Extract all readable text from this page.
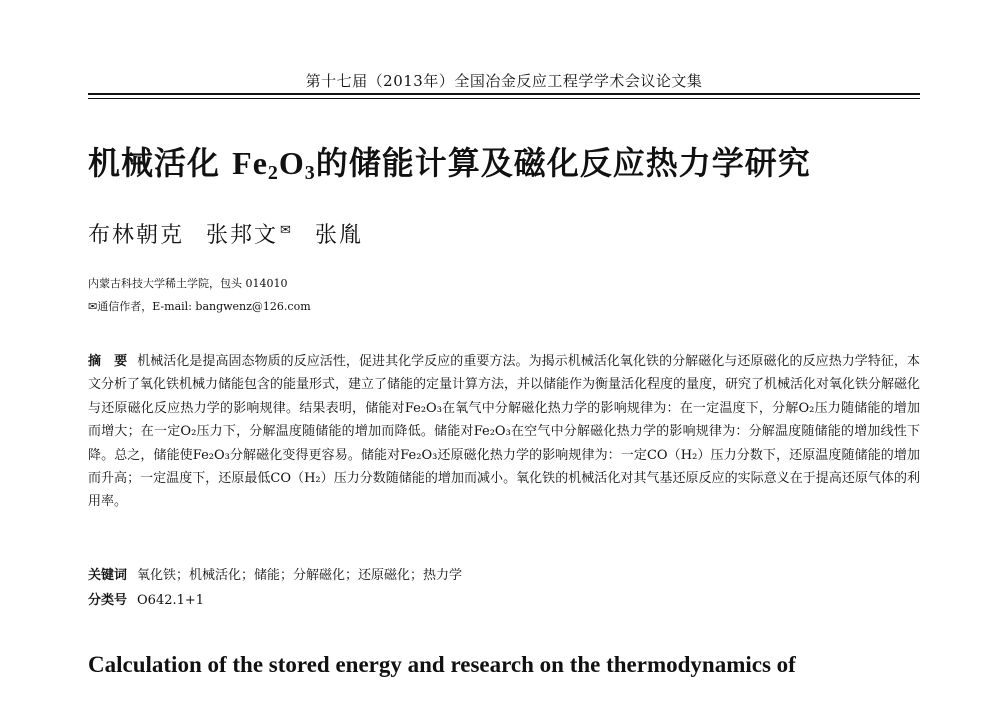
第十七届（2013年）全国冶金反应工程学学术会议论文集
机械活化 $Fe_2O_3$的储能计算及磁化反应热力学研究
布林朝克 张邦文 ✉ 张胤
内蒙古科技大学稀土学院，包头 014010
✉通信作者，E-mail: bangwenz@126.com
摘　要 机械活化是提高固态物质的反应活性，促进其化学反应的重要方法。为揭示机械活化氧化铁的分解磁化与还原磁化的反应热力学特征，本文分析了氧化铁机械力储能包含的能量形式，建立了储能的定量计算方法，并以储能作为衡量活化程度的量度，研究了机械活化对氧化铁分解磁化与还原磁化反应热力学的影响规律。结果表明，储能对Fe₂O₃在氧气中分解磁化热力学的影响规律为：在一定温度下，分解O₂压力随储能的增加而增大；在一定O₂压力下，分解温度随储能的增加而降低。储能对Fe₂O₃在空气中分解磁化热力学的影响规律为：分解温度随储能的增加线性下降。总之，储能使Fe₂O₃分解磁化变得更容易。储能对Fe₂O₃还原磁化热力学的影响规律为：一定CO（H₂）压力分数下，还原温度随储能的增加而升高；一定温度下，还原最低CO（H₂）压力分数随储能的增加而减小。氧化铁的机械活化对其气基还原反应的实际意义在于提高还原气体的利用率。
关键词 氧化铁；机械活化；储能；分解磁化；还原磁化；热力学
分类号 O642.1+1
Calculation of the stored energy and research on the thermodynamics of
